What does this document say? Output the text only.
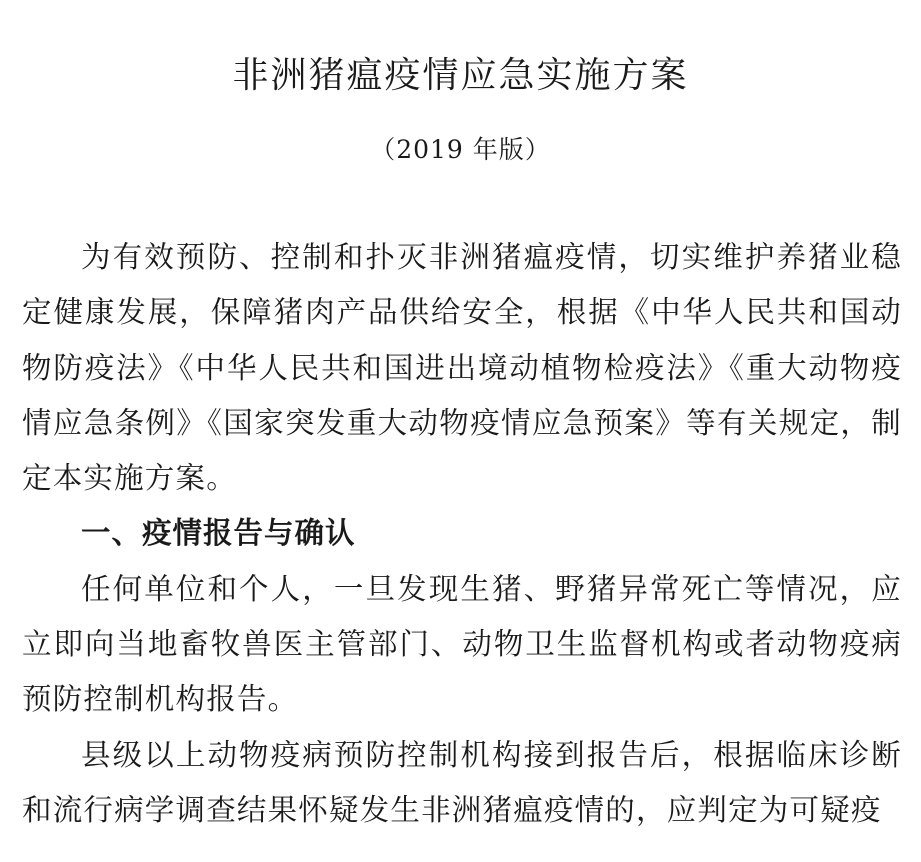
非洲猪瘟疫情应急实施方案
（2019 年版）

为有效预防、控制和扑灭非洲猪瘟疫情，切实维护养猪业稳定健康发展，保障猪肉产品供给安全，根据《中华人民共和国动物防疫法》《中华人民共和国进出境动植物检疫法》《重大动物疫情应急条例》《国家突发重大动物疫情应急预案》等有关规定，制定本实施方案。

一、疫情报告与确认

任何单位和个人，一旦发现生猪、野猪异常死亡等情况，应立即向当地畜牧兽医主管部门、动物卫生监督机构或者动物疫病预防控制机构报告。

县级以上动物疫病预防控制机构接到报告后，根据临床诊断和流行病学调查结果怀疑发生非洲猪瘟疫情的，应判定为可疑疫
